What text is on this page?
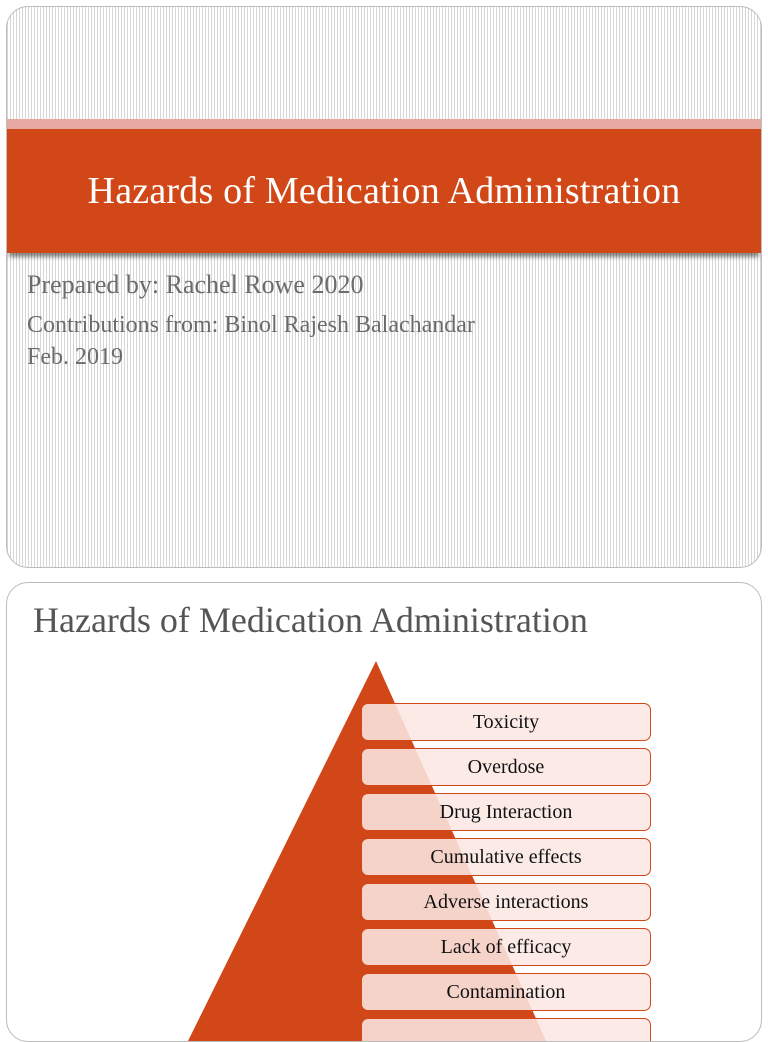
Hazards of Medication Administration
Prepared by: Rachel Rowe 2020
Contributions from: Binol Rajesh Balachandar
Feb. 2019
Hazards of Medication Administration
Toxicity
Overdose
Drug Interaction
Cumulative effects
Adverse interactions
Lack of efficacy
Contamination
